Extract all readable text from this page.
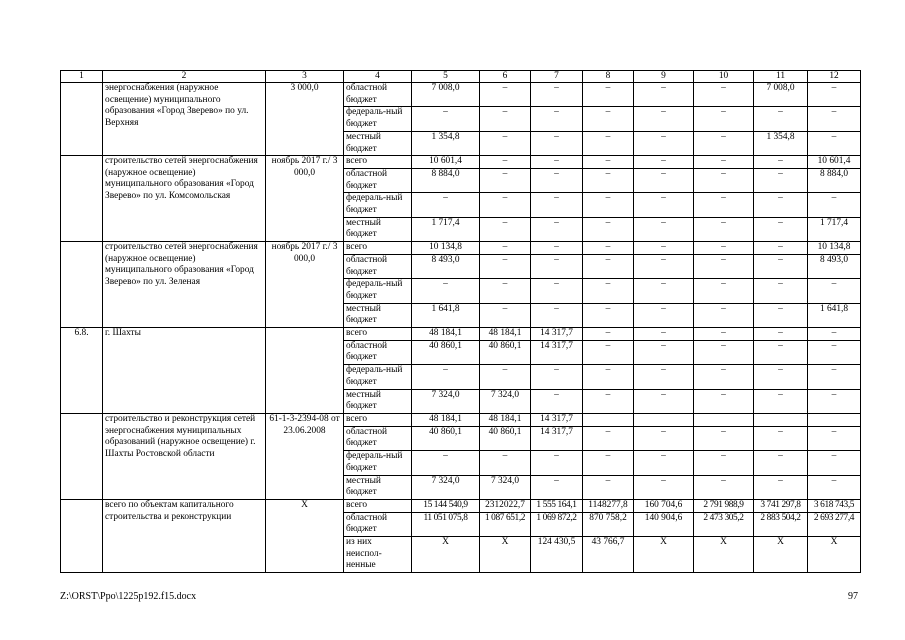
1	2	3	4	5	6	7	8	9	10	11	12
	энергоснабжения (наружное освещение) муниципального образования «Город Зверево» по ул. Верхняя	3 000,0	областной бюджет	7 008,0	–	–	–	–	–	7 008,0	–
			федераль-ный бюджет	–	–	–	–	–	–	–	–
			местный бюджет	1 354,8	–	–	–	–	–	1 354,8	–
	строительство сетей энергоснабжения (наружное освещение) муниципального образования «Город Зверево» по ул. Комсомольская	ноябрь 2017 г./ 3 000,0	всего	10 601,4	–	–	–	–	–	–	10 601,4
			областной бюджет	8 884,0	–	–	–	–	–	–	8 884,0
			федераль-ный бюджет	–	–	–	–	–	–	–	–
			местный бюджет	1 717,4	–	–	–	–	–	–	1 717,4
	строительство сетей энергоснабжения (наружное освещение) муниципального образования «Город Зверево» по ул. Зеленая	ноябрь 2017 г./ 3 000,0	всего	10 134,8	–	–	–	–	–	–	10 134,8
			областной бюджет	8 493,0	–	–	–	–	–	–	8 493,0
			федераль-ный бюджет	–	–	–	–	–	–	–	–
			местный бюджет	1 641,8	–	–	–	–	–	–	1 641,8
6.8.	г. Шахты		всего	48 184,1	48 184,1	14 317,7	–	–	–	–	–
			областной бюджет	40 860,1	40 860,1	14 317,7	–	–	–	–	–
			федераль-ный бюджет	–	–	–	–	–	–	–	–
			местный бюджет	7 324,0	7 324,0	–	–	–	–	–	–
	строительство и реконструкция сетей энергоснабжения муниципальных образований (наружное освещение) г. Шахты Ростовской области	61-1-3-2394-08 от 23.06.2008	всего	48 184,1	48 184,1	14 317,7					
			областной бюджет	40 860,1	40 860,1	14 317,7	–	–	–	–	–
			федераль-ный бюджет	–	–	–	–	–	–	–	–
			местный бюджет	7 324,0	7 324,0	–	–	–	–	–	–
	всего по объектам капитального строительства и реконструкции	X	всего	15 144 540,9	2312022,7	1 555 164,1	1148277,8	160 704,6	2 791 988,9	3 741 297,8	3 618 743,5
			областной бюджет	11 051 075,8	1 087 651,2	1 069 872,2	870 758,2	140 904,6	2 473 305,2	2 883 504,2	2 693 277,4
			из них неиспол-ненные	X	X	124 430,5	43 766,7	X	X	X	X
Z:\ORST\Ppo\1225p192.f15.docx	97
